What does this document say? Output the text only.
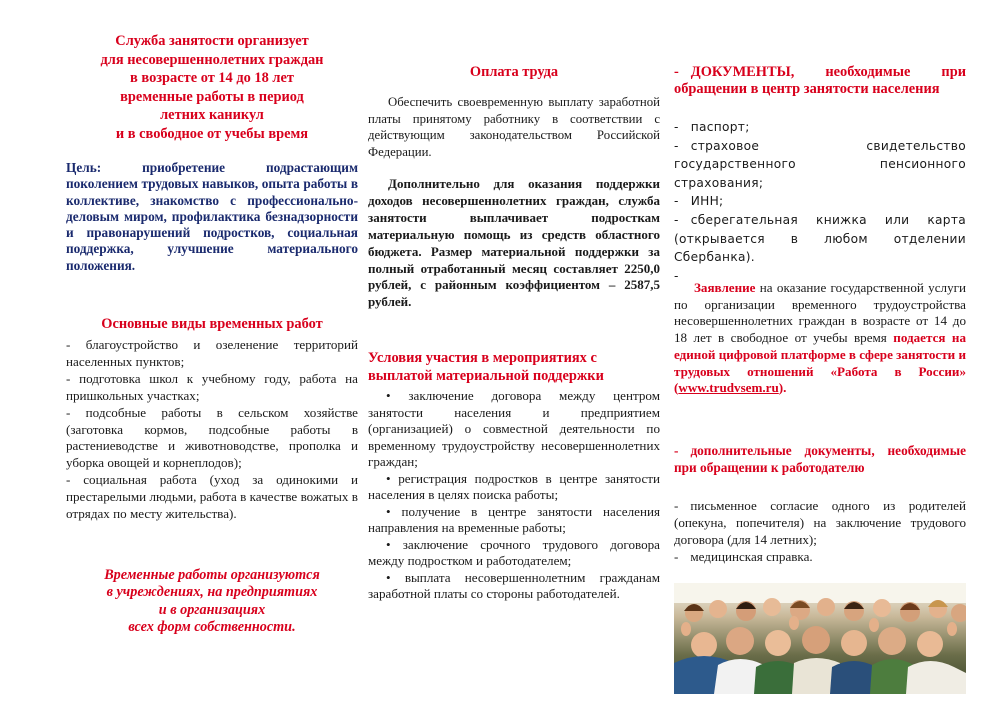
Служба занятости организует
для несовершеннолетних граждан
в возрасте от 14 до 18 лет
временные работы в период
летних каникул
и в свободное от учебы время

Цель: приобретение подрастающим поколением трудовых навыков, опыта работы в коллективе, знакомство с профессионально-деловым миром, профилактика безнадзорности и правонарушений подростков, социальная поддержка, улучшение материального положения.

Основные виды временных работ

- благоустройство и озеленение территорий населенных пунктов;

- подготовка школ к учебному году, работа на пришкольных участках;

- подсобные работы в сельском хозяйстве (заготовка кормов, подсобные работы в растениеводстве и животноводстве, прополка и уборка овощей и корнеплодов);

- социальная работа (уход за одинокими и престарелыми людьми, работа в качестве вожатых в отрядах по месту жительства).

Временные работы организуются
в учреждениях, на предприятиях
и в организациях
всех форм собственности.
Оплата труда

Обеспечить своевременную выплату заработной платы принятому работнику в соответствии с действующим законодательством Российской Федерации.

Дополнительно для оказания поддержки доходов несовершеннолетних граждан, служба занятости выплачивает подросткам материальную помощь из средств областного бюджета. Размер материальной поддержки за полный отработанный месяц составляет 2250,0 рублей, с районным коэффициентом – 2587,5 рублей.

Условия участия в мероприятиях с выплатой материальной поддержки

• заключение договора между центром занятости населения и предприятием (организацией) о совместной деятельности по временному трудоустройству несовершеннолетних граждан;

• регистрация подростков в центре занятости населения в целях поиска работы;

• получение в центре занятости населения направления на временные работы;

• заключение срочного трудового договора между подростком и работодателем;

• выплата несовершеннолетним гражданам заработной платы со стороны работодателей.

- ДОКУМЕНТЫ, необходимые при обращении в центр занятости населения

- паспорт;

- страховое свидетельство государственного пенсионного страхования;

- ИНН;

- сберегательная книжка или карта (открывается в любом отделении Сбербанка).

-

Заявление на оказание государственной услуги по организации временного трудоустройства несовершеннолетних граждан в возрасте от 14 до 18 лет в свободное от учебы время подается на единой цифровой платформе в сфере занятости и трудовых отношений «Работа в России» (www.trudvsem.ru).

- дополнительные документы, необходимые при обращении к работодателю

- письменное согласие одного из родителей (опекуна, попечителя) на заключение трудового договора (для 14 летних);

- медицинская справка.
